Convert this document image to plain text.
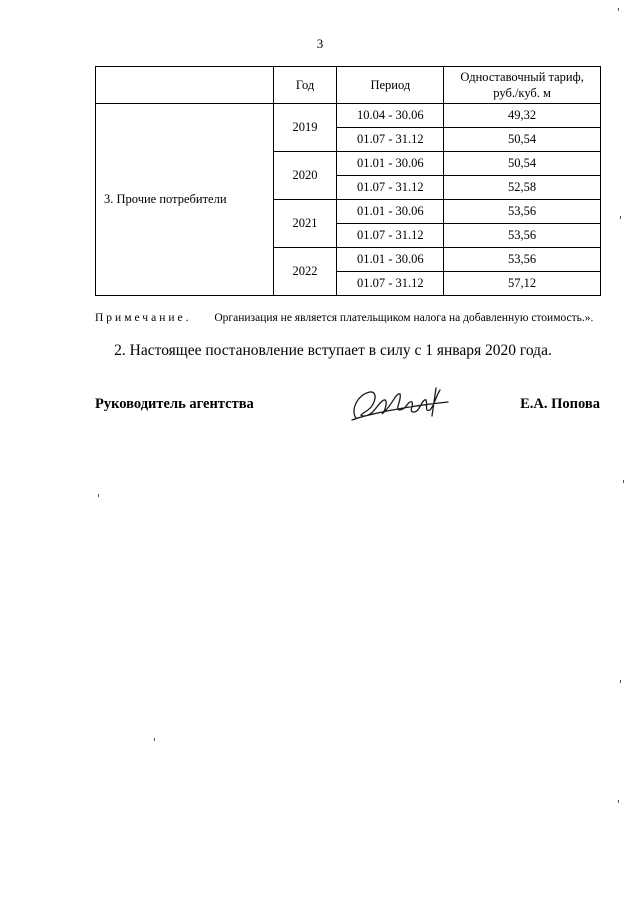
3
	Год	Период	Одноставочный тариф, руб./куб. м
3. Прочие потребители	2019	10.04 - 30.06	49,32
		01.07 - 31.12	50,54
	2020	01.01 - 30.06	50,54
		01.07 - 31.12	52,58
	2021	01.01 - 30.06	53,56
		01.07 - 31.12	53,56
	2022	01.01 - 30.06	53,56
		01.07 - 31.12	57,12
Примечание. Организация не является плательщиком налога на добавленную стоимость.».
2. Настоящее постановление вступает в силу с 1 января 2020 года.
Руководитель агентства	Е.А. Попова
